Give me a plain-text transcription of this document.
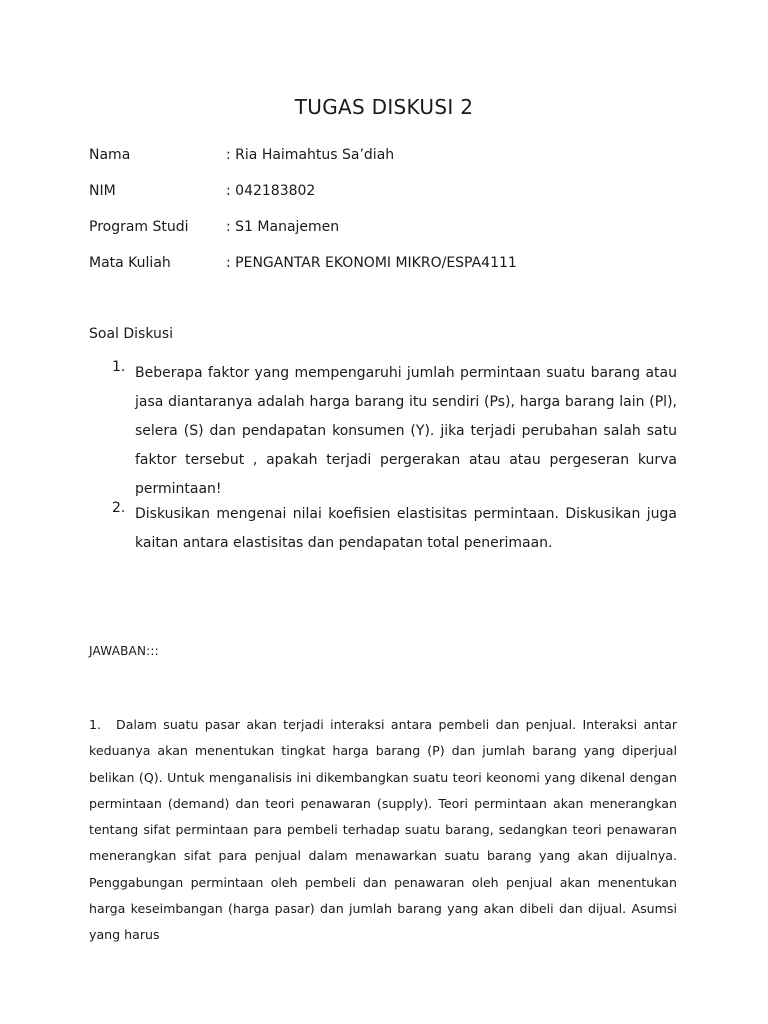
TUGAS DISKUSI 2
Nama	: Ria Haimahtus Sa’diah
NIM	: 042183802
Program Studi	: S1 Manajemen
Mata Kuliah	: PENGANTAR EKONOMI MIKRO/ESPA4111
Soal Diskusi
1. Beberapa faktor yang mempengaruhi jumlah permintaan suatu barang atau jasa diantaranya adalah harga barang itu sendiri (Ps), harga barang lain (Pl), selera (S) dan pendapatan konsumen (Y). jika terjadi perubahan salah satu faktor tersebut , apakah terjadi pergerakan atau atau pergeseran kurva permintaan!
2. Diskusikan mengenai nilai koefisien elastisitas permintaan. Diskusikan juga kaitan antara elastisitas dan pendapatan total penerimaan.
JAWABAN:::
1. Dalam suatu pasar akan terjadi interaksi antara pembeli dan penjual. Interaksi antar keduanya akan menentukan tingkat harga barang (P) dan jumlah barang yang diperjual belikan (Q). Untuk menganalisis ini dikembangkan suatu teori keonomi yang dikenal dengan permintaan (demand) dan teori penawaran (supply). Teori permintaan akan menerangkan tentang sifat permintaan para pembeli terhadap suatu barang, sedangkan teori penawaran menerangkan sifat para penjual dalam menawarkan suatu barang yang akan dijualnya. Penggabungan permintaan oleh pembeli dan penawaran oleh penjual akan menentukan harga keseimbangan (harga pasar) dan jumlah barang yang akan dibeli dan dijual. Asumsi yang harus
